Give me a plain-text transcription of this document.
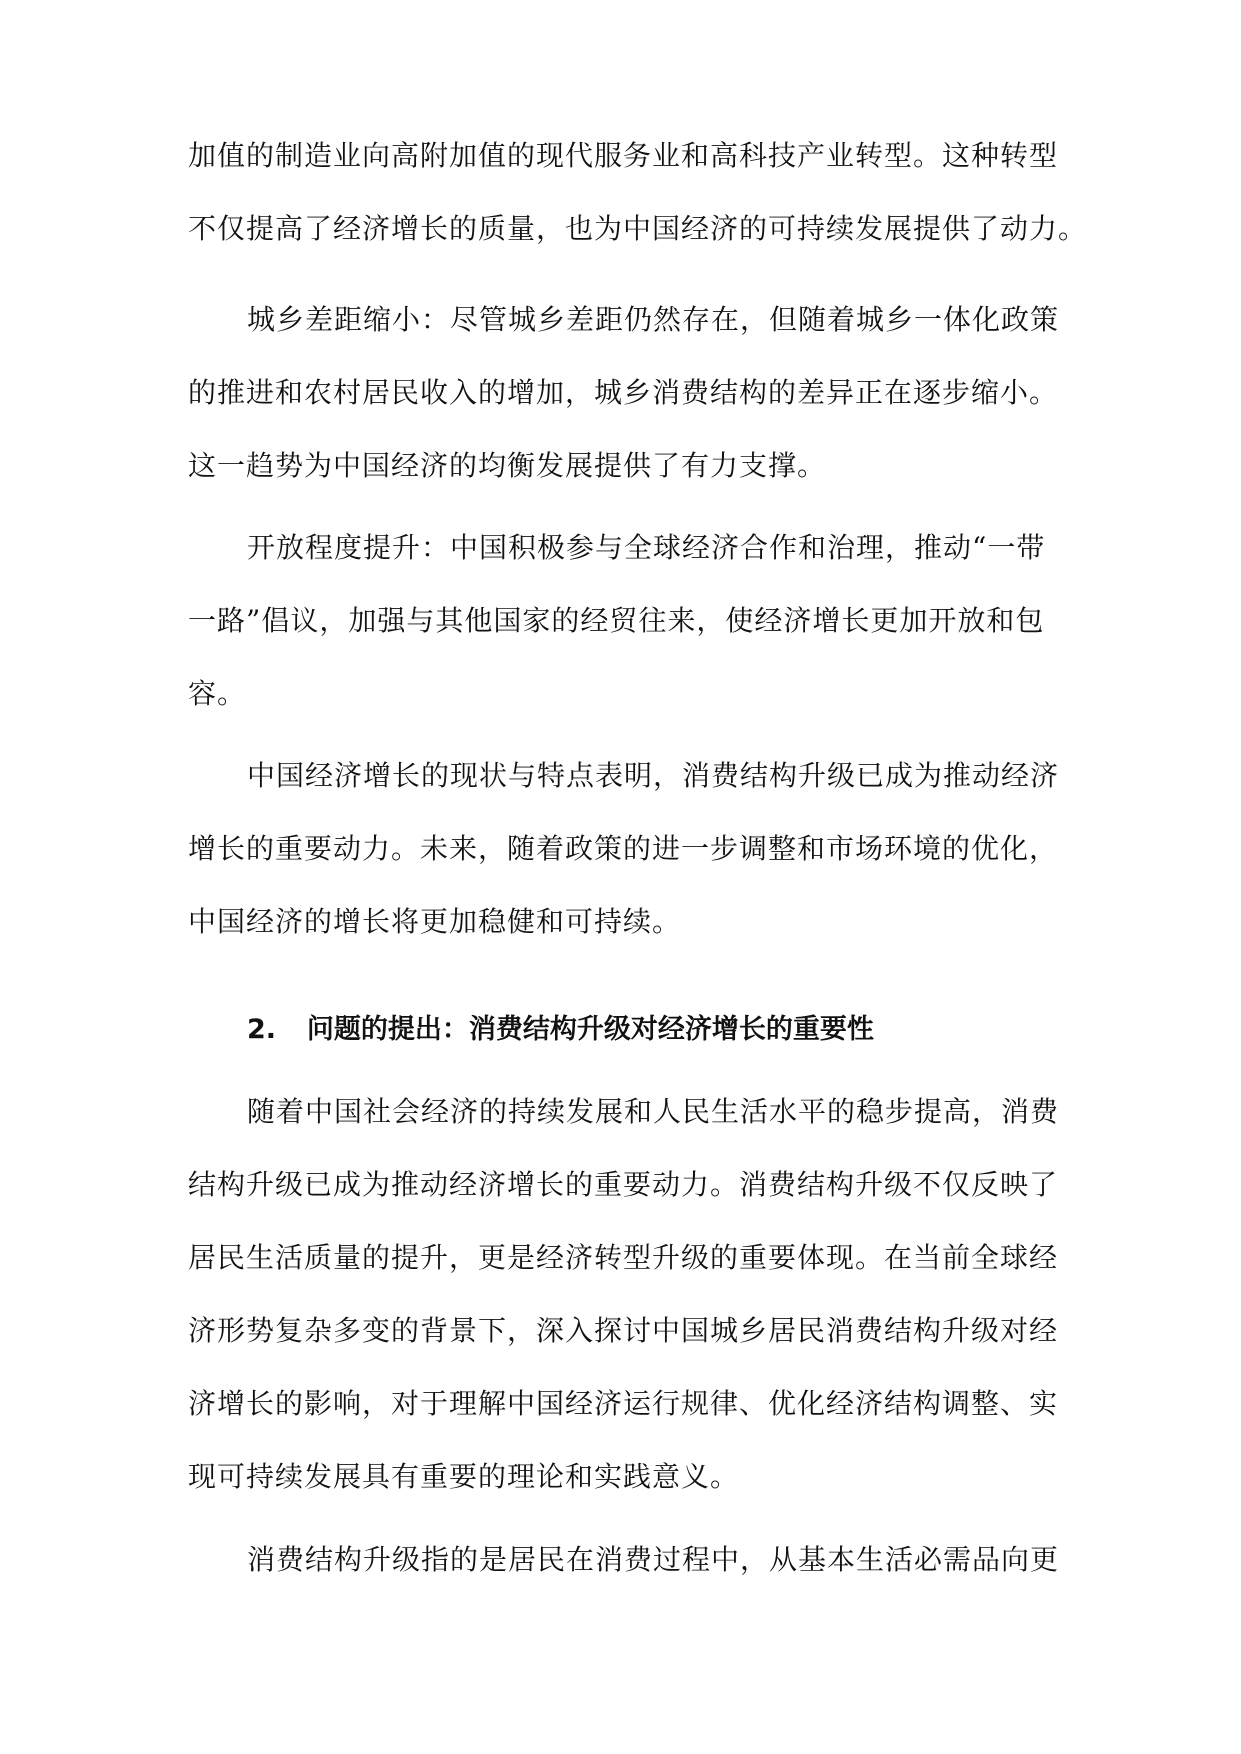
加值的制造业向高附加值的现代服务业和高科技产业转型。这种转型
不仅提高了经济增长的质量，也为中国经济的可持续发展提供了动力。
城乡差距缩小：尽管城乡差距仍然存在，但随着城乡一体化政策
的推进和农村居民收入的增加，城乡消费结构的差异正在逐步缩小。
这一趋势为中国经济的均衡发展提供了有力支撑。
开放程度提升：中国积极参与全球经济合作和治理，推动“一带
一路”倡议，加强与其他国家的经贸往来，使经济增长更加开放和包
容。
中国经济增长的现状与特点表明，消费结构升级已成为推动经济
增长的重要动力。未来，随着政策的进一步调整和市场环境的优化，
中国经济的增长将更加稳健和可持续。
2. 问题的提出：消费结构升级对经济增长的重要性
随着中国社会经济的持续发展和人民生活水平的稳步提高，消费
结构升级已成为推动经济增长的重要动力。消费结构升级不仅反映了
居民生活质量的提升，更是经济转型升级的重要体现。在当前全球经
济形势复杂多变的背景下，深入探讨中国城乡居民消费结构升级对经
济增长的影响，对于理解中国经济运行规律、优化经济结构调整、实
现可持续发展具有重要的理论和实践意义。
消费结构升级指的是居民在消费过程中，从基本生活必需品向更
